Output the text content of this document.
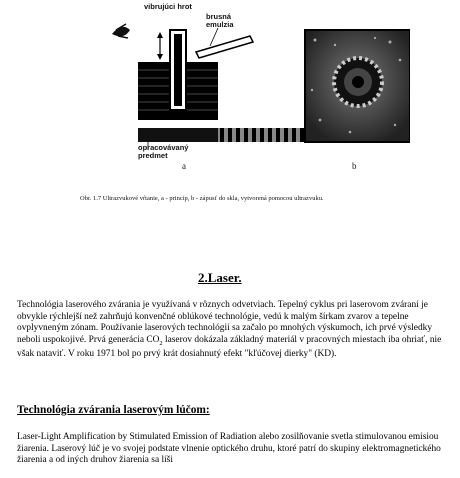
vibrujúci hrot
brusná emulzia
opracovávaný predmet
a	b
Obr. 1.7 Ultrazvukové vŕtanie, a - princíp, b - zápusť do skla, vytvorená pomocou ultrazvuku.
2.Laser.

Technológia laserového zvárania je využívaná v rôznych odvetviach. Tepelný cyklus pri laserovom zváraní je obvykle rýchlejší než zahrňujú konvenčné oblúkové technológie, vedú k malým šírkam zvarov a tepelne ovplyvneným zónam. Používanie laserových technológií sa začalo po mnohých výskumoch, ich prvé výsledky neboli uspokojivé. Prvá generácia $CO_2$ laserov dokázala základný materiál v pracovných miestach iba ohriať, nie však nataviť. V roku 1971 bol po prvý krát dosiahnutý efekt "kľúčovej dierky" (KD).

Technológia zvárania laserovým lúčom:

Laser-Light Amplification by Stimulated Emission of Radiation alebo zosilňovanie svetla stimulovanou emisiou žiarenia. Laserový lúč je vo svojej podstate vlnenie optického druhu, ktoré patrí do skupiny elektromagnetického žiarenia a od iných druhov žiarenia sa líši
